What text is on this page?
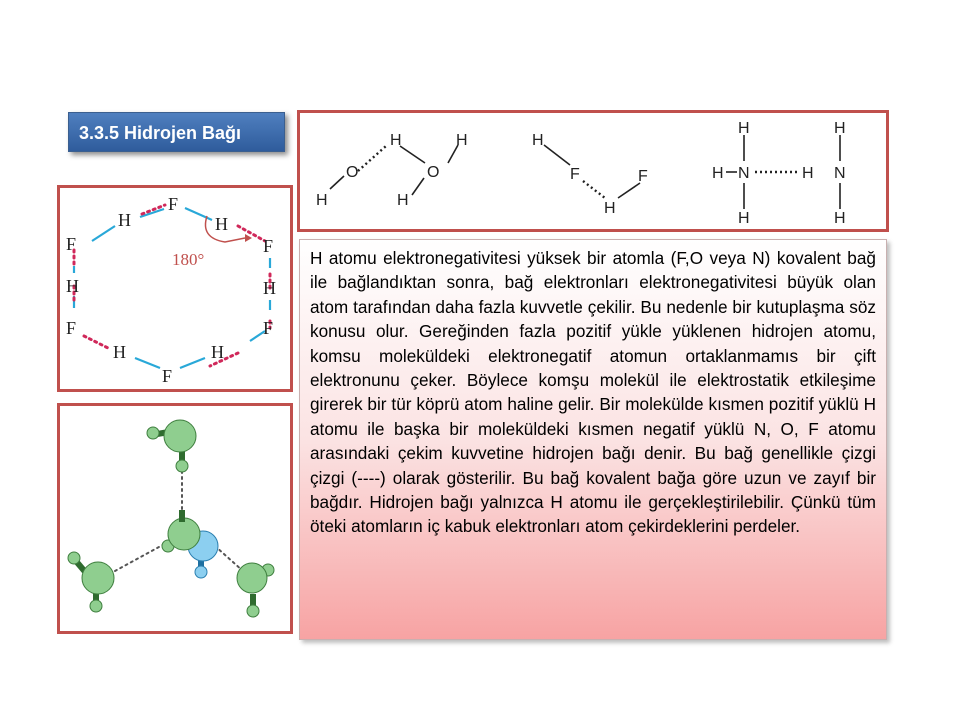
3.3.5 Hidrojen Bağı
180°
F
H	H
F	F
H	H
F	F
H	H
F
H	H
O	O
H	H
H
F	F
H
H	H
H N	N
H
H	H

H atomu elektronegativitesi yüksek bir atomla (F,O veya N) kovalent bağ ile bağlandıktan sonra, bağ elektronları elektronegativitesi büyük olan atom tarafından daha fazla kuvvetle çekilir. Bu nedenle bir kutuplaşma söz konusu olur. Gereğinden fazla pozitif yükle yüklenen hidrojen atomu, komsu moleküldeki elektronegatif atomun ortaklanmamıs bir çift elektronunu çeker. Böylece komşu molekül ile elektrostatik etkileşime girerek bir tür köprü atom haline gelir. Bir molekülde kısmen pozitif yüklü H atomu ile başka bir moleküldeki kısmen negatif yüklü N, O, F atomu arasındaki çekim kuvvetine hidrojen bağı denir. Bu bağ genellikle çizgi çizgi (----) olarak gösterilir. Bu bağ kovalent bağa göre uzun ve zayıf bir bağdır. Hidrojen bağı yalnızca H atomu ile gerçekleştirilebilir. Çünkü tüm öteki atomların iç kabuk elektronları atom çekirdeklerini perdeler.
